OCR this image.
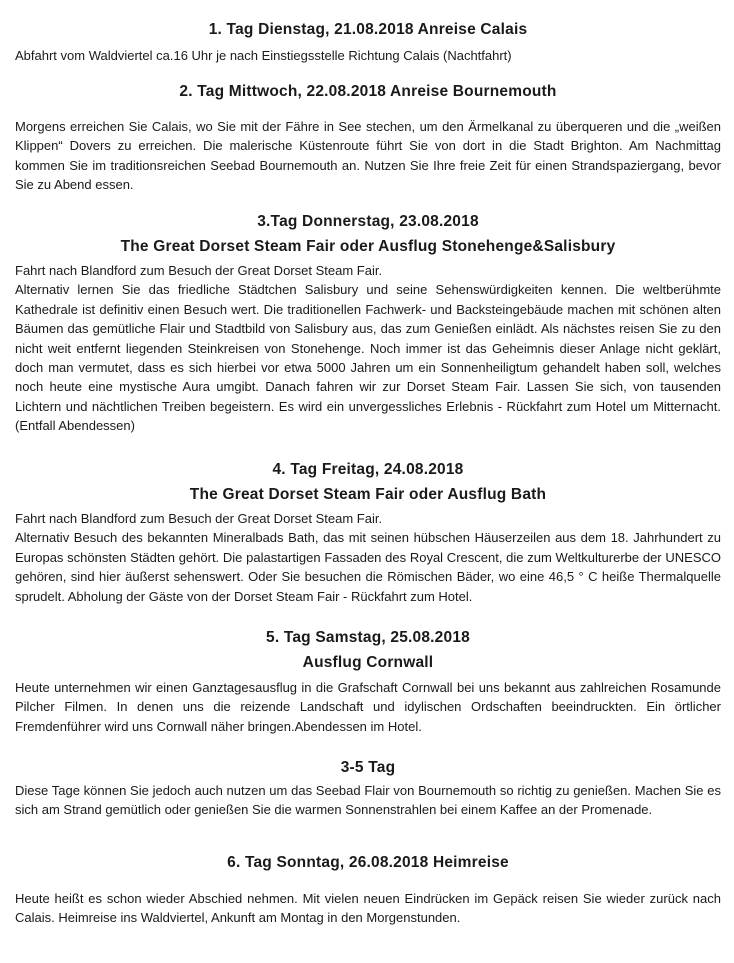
1. Tag Dienstag, 21.08.2018 Anreise Calais

Abfahrt vom Waldviertel ca.16 Uhr je nach Einstiegsstelle Richtung Calais (Nachtfahrt)

2. Tag Mittwoch, 22.08.2018 Anreise Bournemouth

Morgens erreichen Sie Calais, wo Sie mit der Fähre in See stechen, um den Ärmelkanal zu überqueren und die „weißen Klippen“ Dovers zu erreichen. Die malerische Küstenroute führt Sie von dort in die Stadt Brighton. Am Nachmittag kommen Sie im traditionsreichen Seebad Bournemouth an. Nutzen Sie Ihre freie Zeit für einen Strandspaziergang, bevor Sie zu Abend essen.

3.Tag Donnerstag, 23.08.2018
The Great Dorset Steam Fair oder Ausflug Stonehenge&Salisbury

Fahrt nach Blandford zum Besuch der Great Dorset Steam Fair.

Alternativ lernen Sie das friedliche Städtchen Salisbury und seine Sehenswürdigkeiten kennen. Die weltberühmte Kathedrale ist definitiv einen Besuch wert. Die traditionellen Fachwerk- und Backsteingebäude machen mit schönen alten Bäumen das gemütliche Flair und Stadtbild von Salisbury aus, das zum Genießen einlädt. Als nächstes reisen Sie zu den nicht weit entfernt liegenden Steinkreisen von Stonehenge. Noch immer ist das Geheimnis dieser Anlage nicht geklärt, doch man vermutet, dass es sich hierbei vor etwa 5000 Jahren um ein Sonnenheiligtum gehandelt haben soll, welches noch heute eine mystische Aura umgibt. Danach fahren wir zur Dorset Steam Fair. Lassen Sie sich, von tausenden Lichtern und nächtlichen Treiben begeistern. Es wird ein unvergessliches Erlebnis - Rückfahrt zum Hotel um Mitternacht. (Entfall Abendessen)

4. Tag Freitag, 24.08.2018
The Great Dorset Steam Fair oder Ausflug Bath

Fahrt nach Blandford zum Besuch der Great Dorset Steam Fair.

Alternativ Besuch des bekannten Mineralbads Bath, das mit seinen hübschen Häuserzeilen aus dem 18. Jahrhundert zu Europas schönsten Städten gehört. Die palastartigen Fassaden des Royal Crescent, die zum Weltkulturerbe der UNESCO gehören, sind hier äußerst sehenswert. Oder Sie besuchen die Römischen Bäder, wo eine 46,5 ° C heiße Thermalquelle sprudelt. Abholung der Gäste von der Dorset Steam Fair - Rückfahrt zum Hotel.

5. Tag Samstag, 25.08.2018
Ausflug Cornwall

Heute unternehmen wir einen Ganztagesausflug in die Grafschaft Cornwall bei uns bekannt aus zahlreichen Rosamunde Pilcher Filmen. In denen uns die reizende Landschaft und idylischen Ordschaften beeindruckten. Ein örtlicher Fremdenführer wird uns Cornwall näher bringen.Abendessen im Hotel.

3-5 Tag

Diese Tage können Sie jedoch auch nutzen um das Seebad Flair von Bournemouth so richtig zu genießen. Machen Sie es sich am Strand gemütlich oder genießen Sie die warmen Sonnenstrahlen bei einem Kaffee an der Promenade.

6. Tag Sonntag, 26.08.2018 Heimreise

Heute heißt es schon wieder Abschied nehmen. Mit vielen neuen Eindrücken im Gepäck reisen Sie wieder zurück nach Calais. Heimreise ins Waldviertel, Ankunft am Montag in den Morgenstunden.
